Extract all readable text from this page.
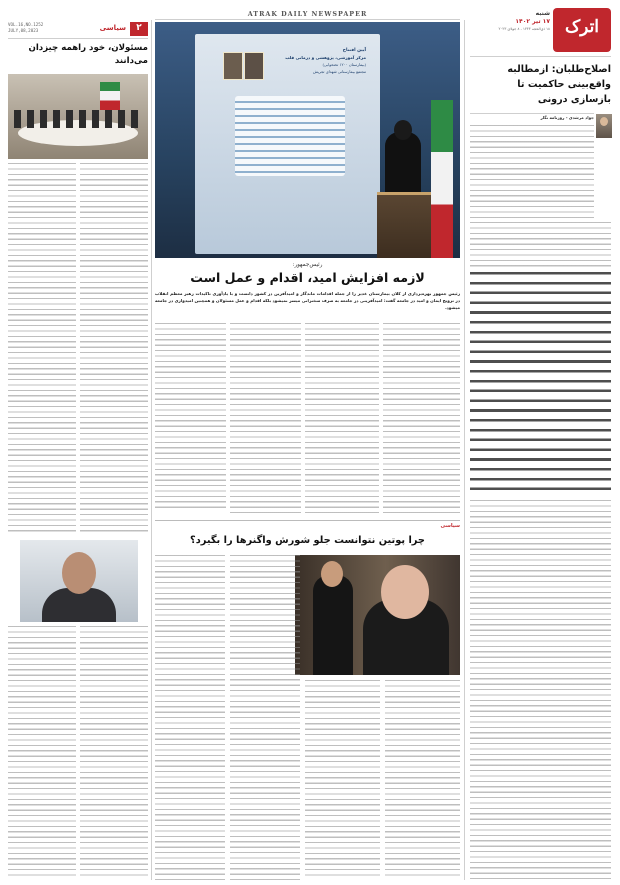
اترک
شنبه
۱۷ تیر ۱۴۰۲
۱۸ ذی‌الحجه ۱۴۴۴ - ۸ جولای ۲۰۲۳
اصلاح‌طلبان: ازمطالبه
واقع‌بینی حاکمیت تا
بازسازی درونی
جواد مرشدی - روزنامه نگار
ATRAK DAILY NEWSPAPER
آیین افتتاح
مرکز آموزشی، پژوهشی و درمانی قلب
(بیمارستان ۱۲۰۰ تختخوابی)
مجتمع بیمارستانی شهدای تجریش
رئیس‌جمهور:
لازمه افزایش امید، اقدام و عمل است
رئیس جمهور بهره‌برداری از کلان بیمارستان غدیر را از جمله اقدامات ماندگار و امیدآفرین در کشور دانست و با یادآوری تاکیدات رهبر معظم انقلاب در ترویج ایمان و امید در جامعه گفت: امیدآفرینی در جامعه به صرف سخنرانی میسر نمیشود بلکه اقدام و عمل مسئولان و همچنین امیدواری در جامعه میشود.
سیاسی
چرا پوتین نتوانست جلو شورش واگنرها را بگیرد؟
۲
سیاسی
VOL.16,NO.1252
JULY,08,2023
مسئولان، خود راهمه چیزدان
می‌دانند
